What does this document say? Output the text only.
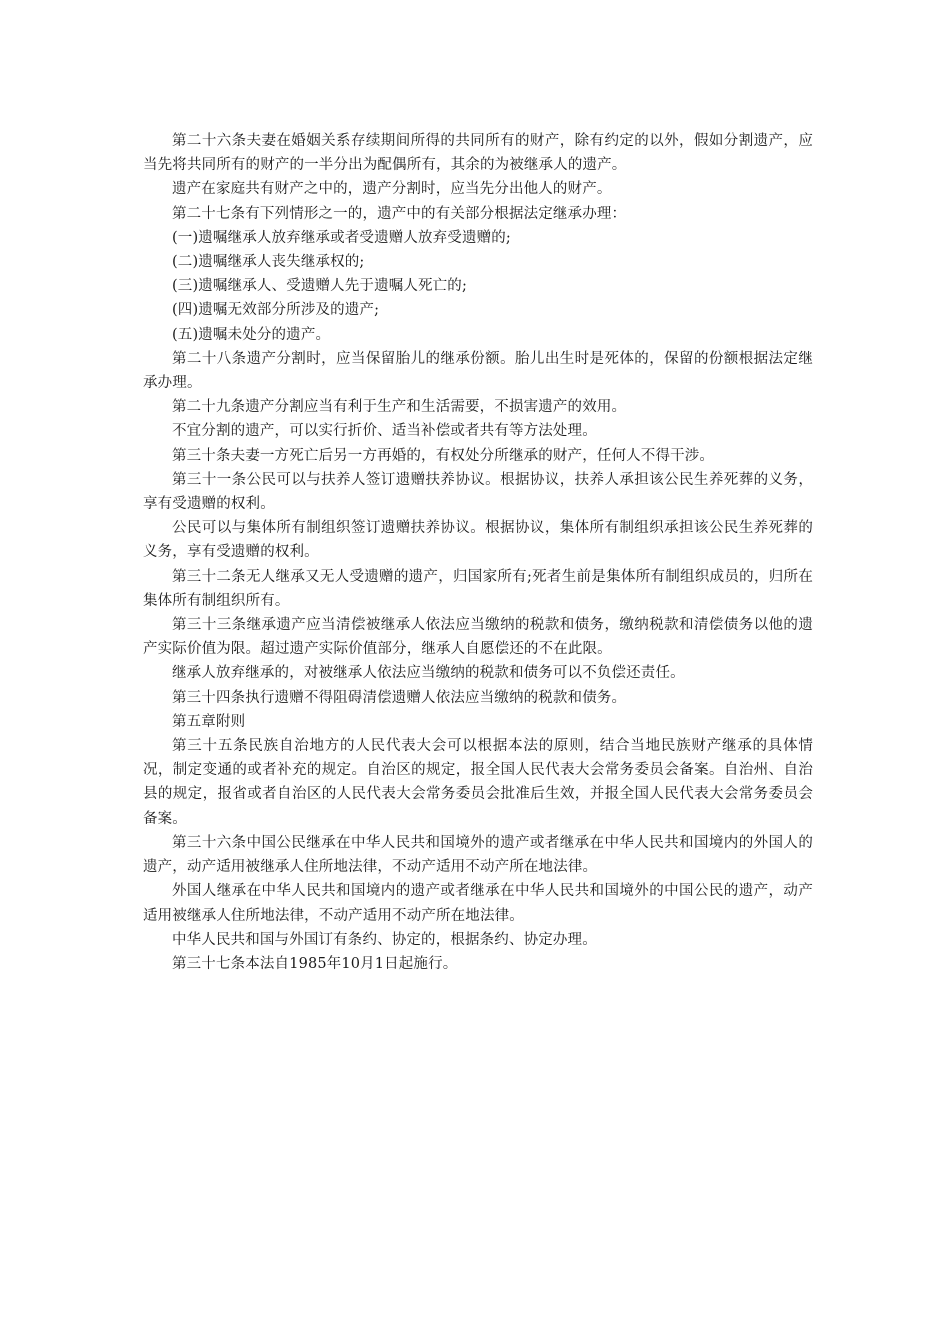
第二十六条夫妻在婚姻关系存续期间所得的共同所有的财产，除有约定的以外，假如分割遗产，应当先将共同所有的财产的一半分出为配偶所有，其余的为被继承人的遗产。

遗产在家庭共有财产之中的，遗产分割时，应当先分出他人的财产。

第二十七条有下列情形之一的，遗产中的有关部分根据法定继承办理：

(一)遗嘱继承人放弃继承或者受遗赠人放弃受遗赠的;

(二)遗嘱继承人丧失继承权的;

(三)遗嘱继承人、受遗赠人先于遗嘱人死亡的;

(四)遗嘱无效部分所涉及的遗产;

(五)遗嘱未处分的遗产。

第二十八条遗产分割时，应当保留胎儿的继承份额。胎儿出生时是死体的，保留的份额根据法定继承办理。

第二十九条遗产分割应当有利于生产和生活需要，不损害遗产的效用。

不宜分割的遗产，可以实行折价、适当补偿或者共有等方法处理。

第三十条夫妻一方死亡后另一方再婚的，有权处分所继承的财产，任何人不得干涉。

第三十一条公民可以与扶养人签订遗赠扶养协议。根据协议，扶养人承担该公民生养死葬的义务，享有受遗赠的权利。

公民可以与集体所有制组织签订遗赠扶养协议。根据协议，集体所有制组织承担该公民生养死葬的义务，享有受遗赠的权利。

第三十二条无人继承又无人受遗赠的遗产，归国家所有;死者生前是集体所有制组织成员的，归所在集体所有制组织所有。

第三十三条继承遗产应当清偿被继承人依法应当缴纳的税款和债务，缴纳税款和清偿债务以他的遗产实际价值为限。超过遗产实际价值部分，继承人自愿偿还的不在此限。

继承人放弃继承的，对被继承人依法应当缴纳的税款和债务可以不负偿还责任。

第三十四条执行遗赠不得阻碍清偿遗赠人依法应当缴纳的税款和债务。

第五章附则

第三十五条民族自治地方的人民代表大会可以根据本法的原则，结合当地民族财产继承的具体情况，制定变通的或者补充的规定。自治区的规定，报全国人民代表大会常务委员会备案。自治州、自治县的规定，报省或者自治区的人民代表大会常务委员会批准后生效，并报全国人民代表大会常务委员会备案。

第三十六条中国公民继承在中华人民共和国境外的遗产或者继承在中华人民共和国境内的外国人的遗产，动产适用被继承人住所地法律，不动产适用不动产所在地法律。

外国人继承在中华人民共和国境内的遗产或者继承在中华人民共和国境外的中国公民的遗产，动产适用被继承人住所地法律，不动产适用不动产所在地法律。

中华人民共和国与外国订有条约、协定的，根据条约、协定办理。

第三十七条本法自1985年10月1日起施行。
